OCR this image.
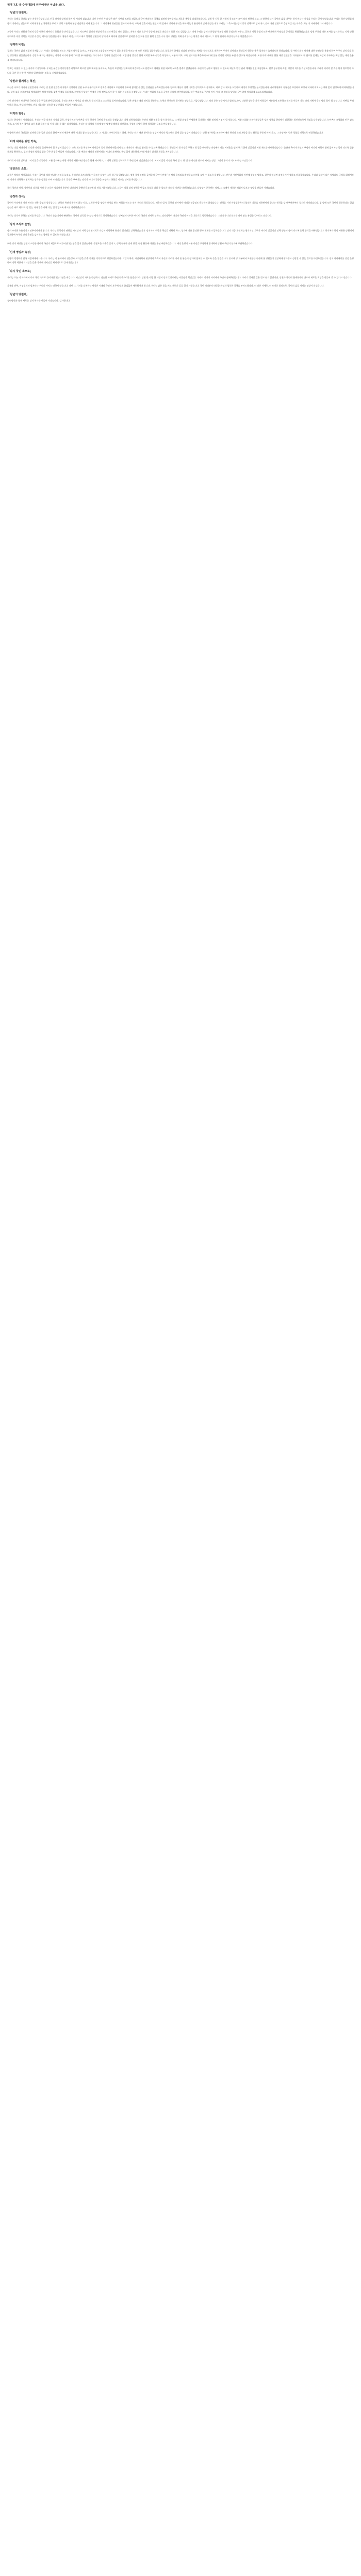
혁명 7호 당 수정대회에 민주에게만 이념을 보다.
「청년의 당원대」

우리는 올해로 창당을 맞는 자유한국당입니다. 전국 각지의 당원과 함께 이 자리에 섰습니다. 지난 수년간 우리 당은 많은 시련과 도전을 겪었으며 국민 여러분의 질책을 겸허히 받아들이고 새로운 출발을 다짐하였습니다. 당원 한 사람 한 사람의 목소리가 모여 당의 방향이 되고, 그 방향이 다시 국민의 삶을 바꾸는 힘이 된다는 사실을 우리는 잊지 않았습니다. 우리는 청년 당원들이 당의 미래라는 믿음으로 지역마다 청년 위원회를 꾸리고 정책 토론회와 현장 간담회를 이어 왔습니다. 그 과정에서 청년들은 일자리와 주거, 교육과 결혼이라는 현실의 벽 앞에서 정치가 무엇을 해야 하는지 분명하게 말해 주었습니다. 우리는 그 목소리를 당의 공식 정책으로 담아내고, 말이 아닌 실천으로 응답하겠다는 약속을 오늘 이 자리에서 다시 새깁니다.

그동안 우리는 당원과 국민의 뜻을 충분히 헤아리지 못했던 순간이 있었습니다. 지도부의 결정이 현장의 목소리와 어긋날 때도 있었고, 지역의 작은 요구가 중앙에 제대로 전달되지 못한 적도 있었습니다. 이제 우리는 당의 의사결정 구조를 당원 중심으로 바꾸고, 공천과 정책 수립의 모든 단계에서 투명성과 공정성을 확립하겠습니다. 당원 투표와 여론 조사를 상시화하고, 지역 당원협의회가 직접 정책을 제안할 수 있는 제도를 만들겠습니다. 청년과 여성, 그리고 새로 입당한 당원들이 당의 주요 회의에 실질적으로 참여할 수 있도록 문을 활짝 열겠습니다. 당이 당원을 위해 존재한다는 원칙을 다시 세우고, 그 원칙 위에서 국민의 신뢰를 되찾겠습니다.

「정책과 비전」

경제는 국민의 삶과 직결된 문제입니다. 우리는 일자리를 만드는 기업의 활력을 높이고, 자영업자와 소상공인이 버틸 수 있는 환경을 만드는 데 모든 역량을 집중하겠습니다. 불필요한 규제를 과감히 정비하고 세제를 합리적으로 개편하여 투자가 살아나고 청년들이 원하는 좋은 일자리가 늘어나도록 하겠습니다. 동시에 사회적 약자에 대한 안전망을 촘촘히 하여 누구도 뒤처지지 않는 공동체를 만들겠습니다. 성장과 복지는 대립하는 가치가 아니라 함께 가야 할 두 바퀴라는 것이 우리의 일관된 신념입니다. 지방 균형 발전을 위해 지역별 특화 산업을 육성하고, 교통과 의료, 교육 인프라를 확충하여 어디에 살든 공정한 기회를 누릴 수 있도록 하겠습니다. 또한 미래 세대를 위한 재정 건전성을 지키면서도 꼭 필요한 곳에는 과감히 투자하는 책임 있는 재정 운용을 약속드립니다.

안보는 타협할 수 없는 국가의 기본입니다. 우리는 굳건한 한미동맹을 바탕으로 확고한 안보 태세를 유지하고, 북한의 도발에는 단호하게 대응하면서도 한반도의 평화를 위한 외교적 노력을 멈추지 않겠습니다. 국민이 안심하고 생활할 수 있도록 재난과 안전 관리 체계를 전면 재점검하고, 현장 공무원과 소방, 경찰의 처우를 개선하겠습니다. 우리가 지켜야 할 것은 단지 영토만이 아니라 국민 한 사람 한 사람의 일상이라는 점을 늘 기억하겠습니다.

「당원과 함께하는 혁신」

혁신은 구호가 아니라 실천입니다. 우리는 당 운영 전반을 디지털로 전환하여 당원 누구나 온라인으로 정책을 제안하고 토론하며 투표에 참여할 수 있는 플랫폼을 구축하겠습니다. 당비와 예산의 집행 내역을 정기적으로 공개하고, 외부 감사 제도를 도입하여 재정의 투명성을 높이겠습니다. 윤리위원회의 독립성을 보장하여 부정과 비리에 대해서는 예외 없이 엄정하게 대처하겠습니다. 당원 교육 프로그램을 체계화하여 정책 역량을 갖춘 인재를 길러내고, 지역에서 성장한 인재가 중앙 정치로 나아갈 수 있는 사다리를 놓겠습니다. 우리는 변화의 속도를 국민의 기대에 맞추겠습니다. 작은 변화라도 꾸준히 이어 가며, 그 성과를 당원과 국민 앞에 정직하게 보고드리겠습니다.

지난 선거에서 보내주신 국민의 뜻을 무겁게 받아들입니다. 우리는 패배의 원인을 남 탓으로 돌리지 않고 스스로를 돌아보겠습니다. 낡은 관행과 계파 정치를 청산하고, 능력과 헌신으로 평가받는 정당으로 거듭나겠습니다. 당의 문은 누구에게나 열려 있으며, 다양한 생각을 가진 사람들이 자유롭게 토론하고 합의를 이루어 가는 과정 자체가 우리 당의 힘이 될 것입니다. 비판을 두려워하지 않고, 반대 의견에도 귀를 기울이는 성숙한 정당 문화를 만들어 가겠습니다.

「지역과 현장」

정치는 현장에서 시작됩니다. 우리는 전국 각지의 시장과 골목, 산업단지와 농어촌을 직접 찾아가 국민의 목소리를 듣겠습니다. 지역 당원협의회는 주민의 생활 민원을 상시 접수하고, 그 해결 과정을 투명하게 공개하는 생활 정치의 거점이 될 것입니다. 지방 의회와 자치단체장들은 당의 정책을 현장에서 실현하는 최전선으로서 책임을 다하겠습니다. 농어촌의 고령화와 인구 감소 문제, 도시의 주거 불안과 교통 혼잡 문제는 더 이상 미룰 수 없는 과제입니다. 우리는 각 지역의 특성에 맞는 맞춤형 해법을 마련하고, 중앙과 지방이 함께 협력하는 구조를 만들겠습니다.

현장에서 만난 국민들은 정치에 대한 깊은 실망과 함께 여전히 변화에 대한 기대를 품고 있었습니다. 그 기대를 저버리지 않기 위해, 우리는 선거 때만 찾아오는 정당이 아니라 평소에도 곁에 있는 정당이 되겠습니다. 당원 봉사단을 조직하여 재난 현장과 소외 계층을 돕는 활동을 꾸준히 이어 가고, 그 과정에서 얻은 경험을 정책으로 연결하겠습니다.

「미래 세대를 위한 약속」

우리는 다음 세대에게 더 나은 나라를 물려주어야 할 책임이 있습니다. 교육 제도를 혁신하여 아이들이 입시 경쟁에 매몰되지 않고 저마다의 재능을 꽃피울 수 있도록 하겠습니다. 청년들이 첫 직장을 구하고 첫 집을 마련하는 과정에서 겪는 어려움을 덜어 주기 위해 실질적인 지원 제도를 마련하겠습니다. 출산과 육아가 개인의 부담이 아니라 사회가 함께 짊어지는 일이 되도록 돌봄 체계를 확충하고, 일과 가정의 양립을 돕는 근무 환경을 만들어 가겠습니다. 기후 변화와 에너지 전환이라는 시대적 과제에도 책임 있게 대응하여, 미래 세대가 살아갈 환경을 지키겠습니다.

우리의 약속은 말로만 그치지 않을 것입니다. 모든 공약에는 이행 계획과 재원 마련 방안을 함께 제시하고, 그 진행 상황을 정기적으로 국민 앞에 점검받겠습니다. 지키지 못할 약속은 하지 않고, 한 번 한 약속은 반드시 지키는 정당, 그것이 우리가 되고자 하는 모습입니다.

「국민과의 소통」

소통은 정당의 생명입니다. 우리는 국민과 직접 만나는 자리를 늘리고, 온라인과 오프라인을 아우르는 다양한 소통 창구를 열겠습니다. 정책 결정 과정을 공개하여 국민이 언제든지 당의 움직임을 확인하고 의견을 보탤 수 있도록 하겠습니다. 언론과 시민사회의 비판에 성실히 답하고, 잘못이 있다면 솔직하게 인정하고 바로잡겠습니다. 우리와 생각이 다른 정당과도 국익을 위해서라면 기꺼이 대화하고 협력하는 성숙한 정치를 보여 드리겠습니다. 갈등을 부추기는 정치가 아니라 갈등을 조정하고 통합을 이끄는 정치를 하겠습니다.

특히 청년과 여성, 장애인과 다문화 가정 등 그동안 정치에서 충분히 대변되지 못했던 목소리에 더 귀를 기울이겠습니다. 그들이 직접 당의 정책을 만들고 후보로 나설 수 있도록 제도적 기반을 마련하겠습니다. 다양성이 존중받는 정당, 그 속에서 새로운 해법이 나오는 정당을 만들어 가겠습니다.

「공정과 상식」

국민이 우리에게 가장 바라는 것은 공정과 상식입니다. 반칙과 특권이 통하지 않는 사회, 노력한 만큼 정당한 보상을 받는 사회를 만드는 것이 우리의 목표입니다. 채용과 입시, 공천과 인사에서 어떠한 불공정도 용납하지 않겠습니다. 권력을 가진 사람일수록 더 엄격한 기준을 적용받아야 한다는 원칙을 당 내부에서부터 철저히 지키겠습니다. 법 앞에 모든 국민이 평등하다는 헌법 정신을 바로 세우고, 힘 있는 자가 법을 피해 가는 일이 없도록 제도를 정비하겠습니다.

우리는 상식이 통하는 정치를 하겠습니다. 국민의 눈높이에서 판단하고, 국민이 납득할 수 있는 방식으로 결정하겠습니다. 정치인의 언어가 아니라 국민의 언어로 말하고, 당리당략이 아니라 국민의 이익을 기준으로 행동하겠습니다. 그것이 무너진 신뢰를 다시 쌓는 유일한 길이라고 믿습니다.

「당의 조직과 운영」

당의 조직은 효율적이고 민주적이어야 합니다. 우리는 중앙당의 권한을 시도당과 지역 당원협의회로 과감히 이양하여 현장의 결정권을 강화하겠습니다. 당직자의 역할과 책임을 명확히 하고, 성과에 따른 공정한 평가 체계를 도입하겠습니다. 당의 각종 위원회는 형식적인 기구가 아니라 실질적인 정책 생산의 장이 되도록 운영 방식을 바꾸겠습니다. 회의록과 결정 사항은 당원에게 공개하여 누구나 당의 운영을 감시하고 참여할 수 있도록 하겠습니다.

또한 당의 재정은 당원의 소중한 당비와 국민의 세금으로 이루어진다는 점을 잊지 않겠습니다. 불필요한 지출을 줄이고, 정책 연구와 인재 양성, 현장 활동에 예산을 우선 배정하겠습니다. 재정 운영의 모든 과정을 투명하게 공개하여 당원과 국민의 신뢰에 보답하겠습니다.

「인재 영입과 육성」

정당의 경쟁력은 결국 사람에게서 나옵니다. 우리는 각 분야에서 전문성과 도덕성을 갖춘 인재를 적극적으로 영입하겠습니다. 기업과 학계, 시민사회와 현장에서 묵묵히 자신의 자리를 지켜 온 분들이 정치에 참여할 수 있도록 문을 열겠습니다. 동시에 당 내부에서 오랫동안 헌신해 온 당원들이 정당하게 평가받고 성장할 수 있는 경로를 마련하겠습니다. 정치 아카데미를 상설 운영하여 정책 역량과 리더십을 갖춘 차세대 정치인을 체계적으로 길러내겠습니다.

「다시 국민 속으로」

우리는 오늘 이 자리에서 다시 국민 속으로 들어가겠다는 다짐을 새깁니다. 지난날의 과오를 반성하고, 겸손한 자세로 국민의 목소리를 듣겠습니다. 당원 한 사람 한 사람이 당의 얼굴이라는 자긍심과 책임감을 가지고, 각자의 자리에서 국민과 함께하겠습니다. 우리가 걸어갈 길은 결코 쉽지 않겠지만, 당원과 국민이 함께한다면 반드시 새로운 희망을 만들어 낼 수 있다고 믿습니다.

자유와 민주, 시장경제와 법치라는 우리의 가치는 변하지 않습니다. 다만 그 가치를 실현하는 방식은 시대와 국민의 요구에 맞게 끊임없이 새로워져야 합니다. 우리는 낡은 틀을 깨고 새로운 길을 열어 가겠습니다. 국민 여러분의 따뜻한 관심과 엄중한 질책을 부탁드립니다. 더 낮은 자세로, 더 뜨거운 열정으로, 국민의 삶을 지키는 정당이 되겠습니다.

「청년의 당원대」

청년당원과 함께 새로운 당의 역사를 만들어 가겠습니다. 감사합니다.
